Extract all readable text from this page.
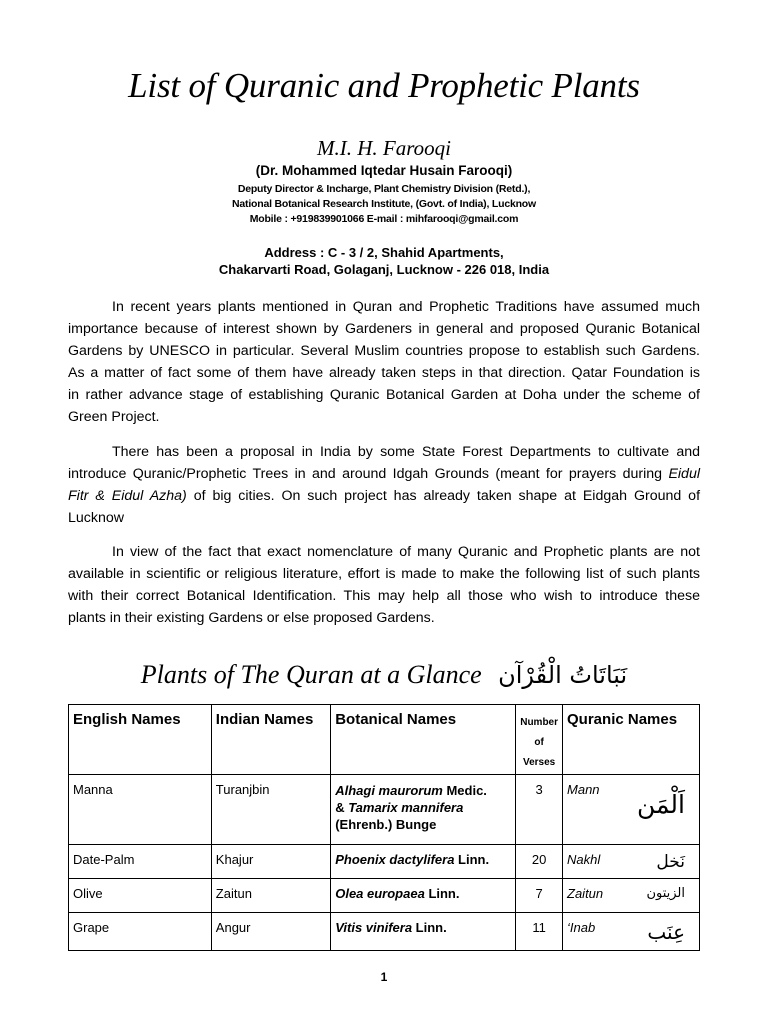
List of Quranic and Prophetic Plants
M.I. H. Farooqi
(Dr. Mohammed Iqtedar Husain Farooqi)
Deputy Director & Incharge, Plant Chemistry Division (Retd.),
National Botanical Research Institute, (Govt. of India), Lucknow
Mobile : +919839901066 E-mail : mihfarooqi@gmail.com
Address : C - 3 / 2, Shahid Apartments,
Chakarvarti Road, Golaganj, Lucknow - 226 018, India
In recent years plants mentioned in Quran and Prophetic Traditions have assumed much
importance because of interest shown by Gardeners in general and proposed Quranic Botanical
Gardens by UNESCO in particular. Several Muslim countries propose to establish such Gardens.
As a matter of fact some of them have already taken steps in that direction. Qatar Foundation is
in rather advance stage of establishing Quranic Botanical Garden at Doha under the scheme of
Green Project.
There has been a proposal in India by some State Forest Departments to cultivate and
introduce Quranic/Prophetic Trees in and around Idgah Grounds (meant for prayers during Eidul
Fitr & Eidul Azha) of big cities. On such project has already taken shape at Eidgah Ground of
Lucknow
In view of the fact that exact nomenclature of many Quranic and Prophetic plants are not
available in scientific or religious literature, effort is made to make the following list of such plants
with their correct Botanical Identification. This may help all those who wish to introduce these
plants in their existing Gardens or else proposed Gardens.
Plants of The Quran at a Glance نَبَاتَاتُ الْقُرْآن
English Names	Indian Names	Botanical Names	Number
of
Verses	Quranic Names
Manna	Turanjbin	Alhagi maurorum Medic.
& Tamarix mannifera
(Ehrenb.) Bunge	3	Mann
اَلْمَن

Date-Palm	Khajur	Phoenix dactylifera Linn.	20	Nakhl نَخل

Olive	Zaitun	Olea europaea Linn.	7	Zaitun الزيتون

Grape	Angur	Vitis vinifera Linn.	11	‘Inab عِنَب
1
